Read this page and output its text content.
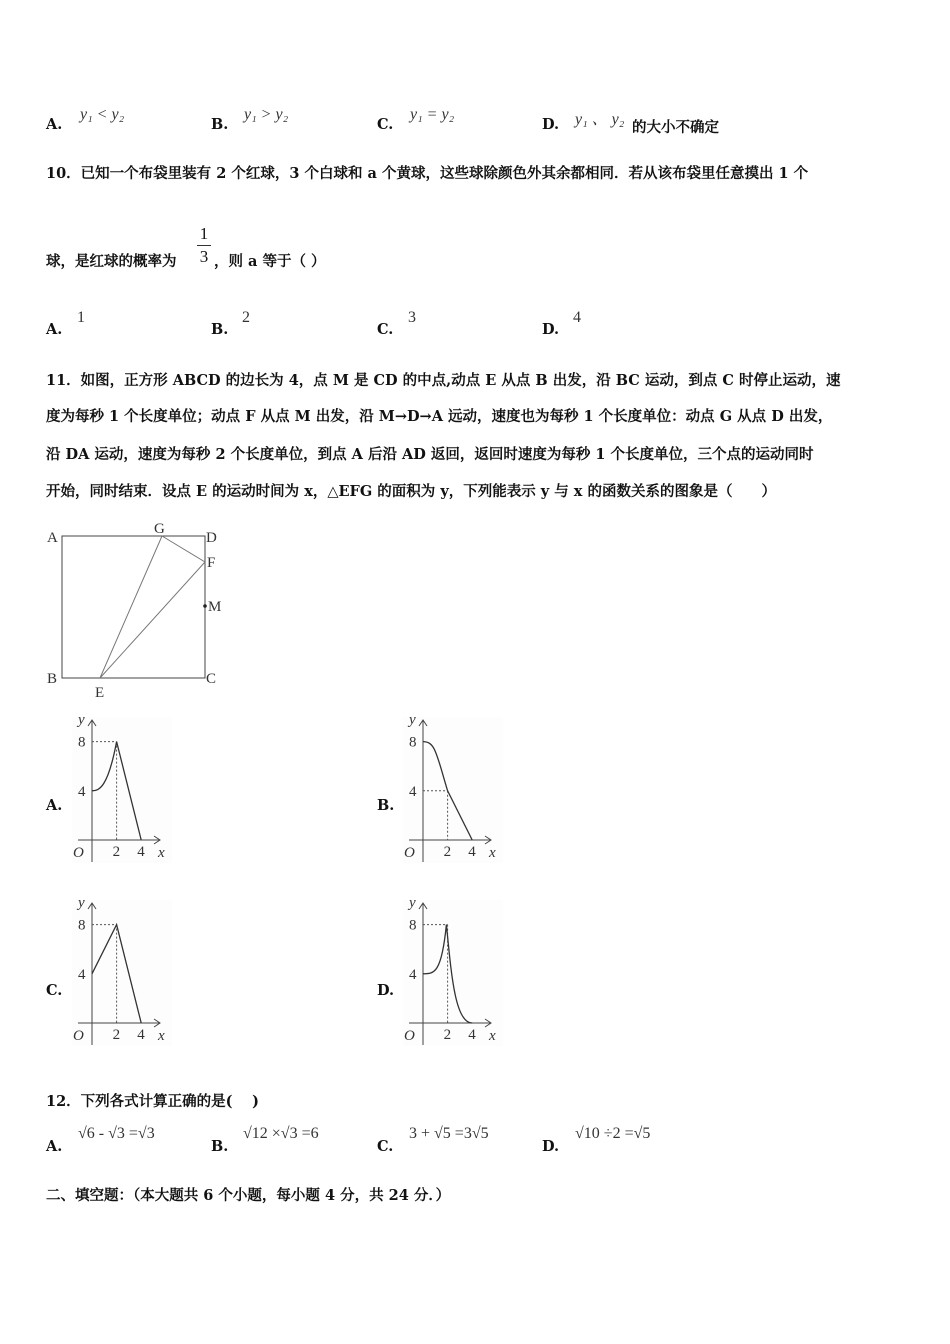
A.
y₁ < y₂
B.
y₁ > y₂
C.
y₁ = y₂
D. y₁ 、 y₂ 的大小不确定
10．已知一个布袋里装有 2 个红球，3 个白球和 a 个黄球，这些球除颜色外其余都相同．若从该布袋里任意摸出 1 个
球，是红球的概率为
1
3 ，则 a 等于（ ）
A.
1
B.
2
C.
3
D.
4
11．如图，正方形 ABCD 的边长为 4，点 M 是 CD 的中点,动点 E 从点 B 出发，沿 BC 运动，到点 C 时停止运动，速
度为每秒 1 个长度单位；动点 F 从点 M 出发，沿 M→D→A 远动，速度也为每秒 1 个长度单位：动点 G 从点 D 出发，
沿 DA 运动，速度为每秒 2 个长度单位，到点 A 后沿 AD 返回，返回时速度为每秒 1 个长度单位，三个点的运动同时
开始，同时结束．设点 E 的运动时间为 x，△EFG 的面积为 y，下列能表示 y 与 x 的函数关系的图象是（　　）
A	D
G
F
M
B	C
E
A.	B.
C.	D.
12．下列各式计算正确的是(　 )
A.
√6 - √3 =√3
B.
√12 ×√3 =6
C.
3 + √5 =3√5
D.
√10 ÷2 =√5
二、填空题：（本大题共 6 个小题，每小题 4 分，共 24 分．）
y
x
O 2 4
8
4
y
x
O 2 4
8
4
y
x
O 2 4
8
4
y
x
O 2 4
8
4
